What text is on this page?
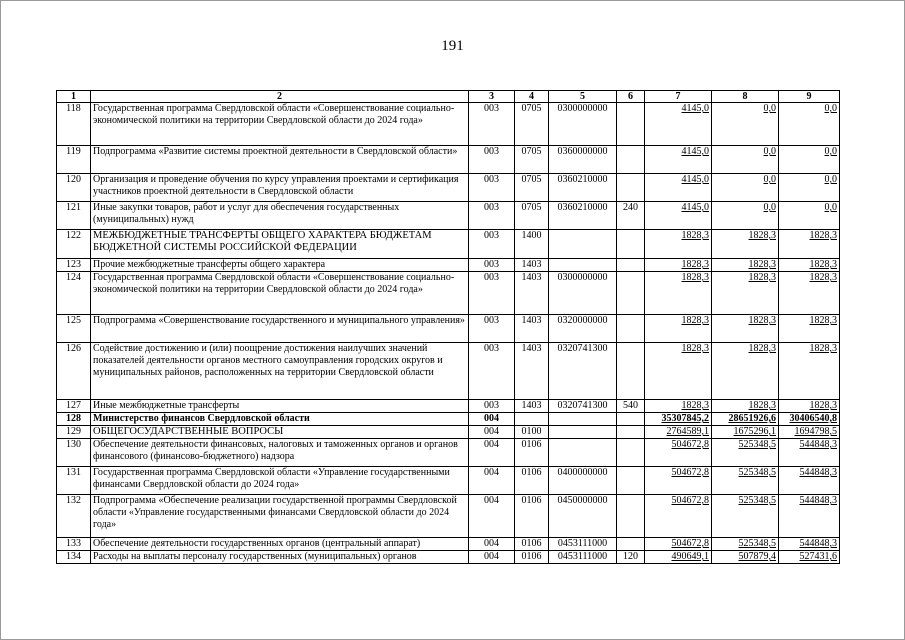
191
1	2	3	4	5	6	7	8	9
118	Государственная программа Свердловской области «Совершенствование социально-экономической политики на территории Свердловской области до 2024 года»	003	0705	0300000000		4145,0	0,0	0,0
119	Подпрограмма «Развитие системы проектной деятельности в Свердловской области»	003	0705	0360000000		4145,0	0,0	0,0
120	Организация и проведение обучения по курсу управления проектами и сертификация участников проектной деятельности в Свердловской области	003	0705	0360210000		4145,0	0,0	0,0
121	Иные закупки товаров, работ и услуг для обеспечения государственных (муниципальных) нужд	003	0705	0360210000	240	4145,0	0,0	0,0
122	МЕЖБЮДЖЕТНЫЕ ТРАНСФЕРТЫ ОБЩЕГО ХАРАКТЕРА БЮДЖЕТАМ БЮДЖЕТНОЙ СИСТЕМЫ РОССИЙСКОЙ ФЕДЕРАЦИИ	003	1400			1828,3	1828,3	1828,3
123	Прочие межбюджетные трансферты общего характера	003	1403			1828,3	1828,3	1828,3
124	Государственная программа Свердловской области «Совершенствование социально-экономической политики на территории Свердловской области до 2024 года»	003	1403	0300000000		1828,3	1828,3	1828,3
125	Подпрограмма «Совершенствование государственного и муниципального управления»	003	1403	0320000000		1828,3	1828,3	1828,3
126	Содействие достижению и (или) поощрение достижения наилучших значений показателей деятельности органов местного самоуправления городских округов и муниципальных районов, расположенных на территории Свердловской области	003	1403	0320741300		1828,3	1828,3	1828,3
127	Иные межбюджетные трансферты	003	1403	0320741300	540	1828,3	1828,3	1828,3
128	Министерство финансов Свердловской области	004				35307845,2	28651926,6	30406540,8
129	ОБЩЕГОСУДАРСТВЕННЫЕ ВОПРОСЫ	004	0100			2764589,1	1675296,1	1694798,5
130	Обеспечение деятельности финансовых, налоговых и таможенных органов и органов финансового (финансово-бюджетного) надзора	004	0106			504672,8	525348,5	544848,3
131	Государственная программа Свердловской области «Управление государственными финансами Свердловской области до 2024 года»	004	0106	0400000000		504672,8	525348,5	544848,3
132	Подпрограмма «Обеспечение реализации государственной программы Свердловской области «Управление государственными финансами Свердловской области до 2024 года»	004	0106	0450000000		504672,8	525348,5	544848,3
133	Обеспечение деятельности государственных органов (центральный аппарат)	004	0106	0453111000		504672,8	525348,5	544848,3
134	Расходы на выплаты персоналу государственных (муниципальных) органов	004	0106	0453111000	120	490649,1	507879,4	527431,6
